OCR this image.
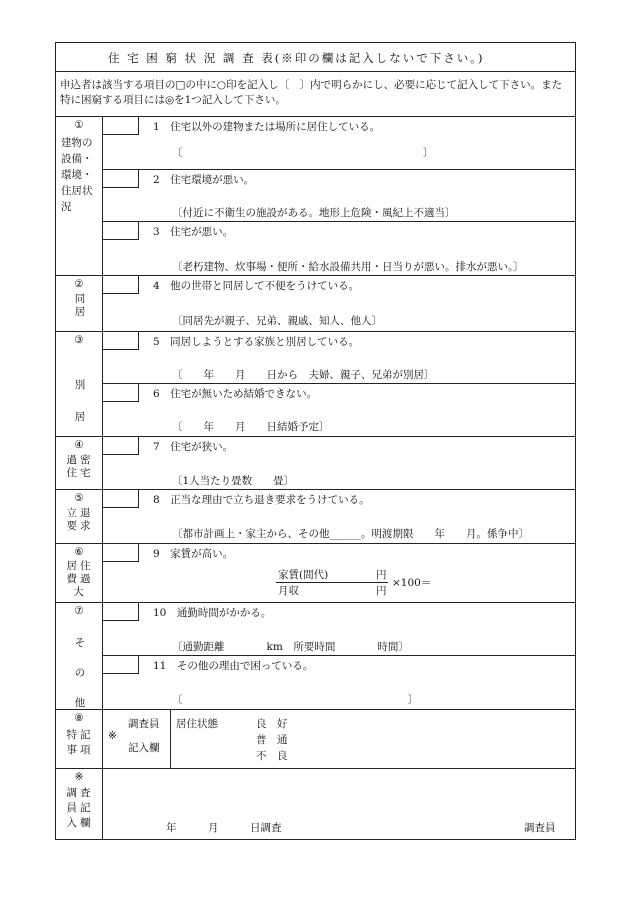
住 宅 困 窮 状 況 調 査 表(※印の欄は記入しないで下さい。)
申込者は該当する項目の□の中に○印を記入し〔　〕内で明らかにし、必要に応じて記入して下さい。また特に困窮する項目には◎を1つ記入して下さい。
①
建物の設備・環境・住居状況
1　住宅以外の建物または場所に居住している。
〔	〕
2　住宅環境が悪い。
〔付近に不衛生の施設がある。地形上危険・風紀上不適当〕
3　住宅が悪い。
〔老朽建物、炊事場・便所・給水設備共用・日当りが悪い。排水が悪い。〕
②
同居
4　他の世帯と同居して不便をうけている。
〔同居先が親子、兄弟、親戚、知人、他人〕
③
別居
5　同居しようとする家族と別居している。
〔　　年　　月　　日から　夫婦、親子、兄弟が別居〕
6　住宅が無いため結婚できない。
〔　　年　　月　　日結婚予定〕
④
過密住宅
7　住宅が狭い。
〔1人当たり畳数　　畳〕
⑤
立退要求
8　正当な理由で立ち退き要求をうけている。
〔都市計画上・家主から、その他______。明渡期限　　年　　月。係争中〕
⑥
居住費過大
9　家賃が高い。
家賃(間代)	円
月収	円
×100＝
⑦
その他
10　通勤時間がかかる。
〔通勤距離　　　　km　所要時間　　　　時間〕
11　その他の理由で困っている。
〔	〕
⑧
特記事項
※
調査員
記入欄
居住状態	良　好
普　通
不　良
※
調査員記入欄	年　　　月　　　日調査	調査員
